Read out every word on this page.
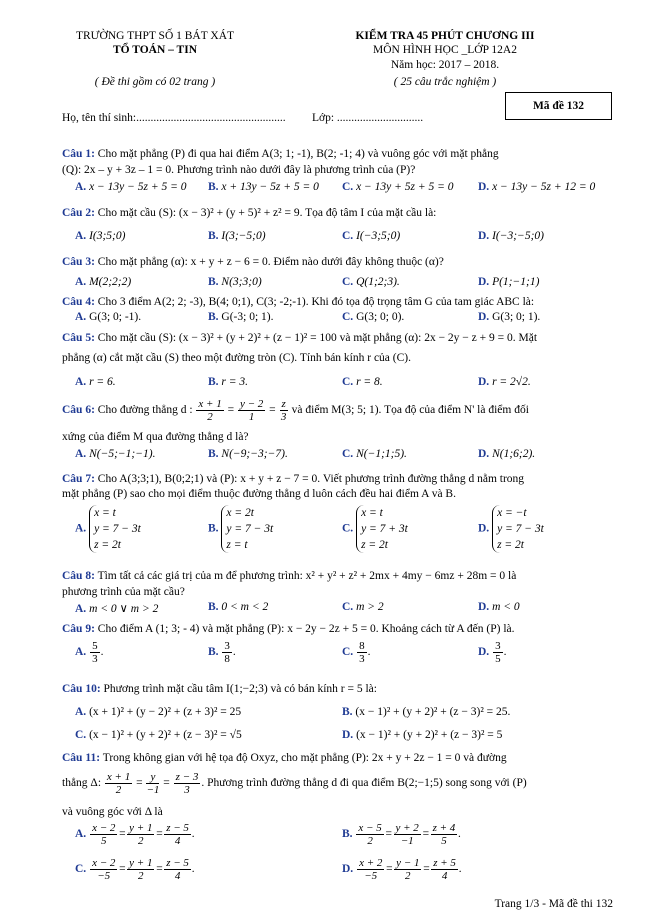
TRƯỜNG THPT SỐ 1 BÁT XÁT
TỔ TOÁN – TIN
( Đề thi gồm có 02 trang )
KIỂM TRA 45 PHÚT CHƯƠNG III
MÔN HÌNH HỌC _LỚP 12A2
Năm học: 2017 – 2018.
( 25 câu trắc nghiệm )
Mã đề 132
Họ, tên thí sinh:.................................................... Lớp: ..............................
Câu 1: Cho mặt phẳng (P) đi qua hai điểm A(3; 1; -1), B(2; -1; 4) và vuông góc với mặt phẳng
(Q): 2x – y + 3z – 1 = 0. Phương trình nào dưới đây là phương trình của (P)?
A. x − 13y − 5z + 5 = 0 B. x + 13y − 5z + 5 = 0 C. x − 13y + 5z + 5 = 0 D. x − 13y − 5z + 12 = 0
Câu 2: Cho mặt cầu (S): (x − 3)² + (y + 5)² + z² = 9. Tọa độ tâm I của mặt cầu là:
A. I(3;5;0)	B. I(3;−5;0)	C. I(−3;5;0)	D. I(−3;−5;0)
Câu 3: Cho mặt phẳng (α): x + y + z − 6 = 0. Điểm nào dưới đây không thuộc (α)?
A. M(2;2;2)	B. N(3;3;0)	C. Q(1;2;3).	D. P(1;−1;1)
Câu 4: Cho 3 điểm A(2; 2; -3), B(4; 0;1), C(3; -2;-1). Khi đó tọa độ trọng tâm G của tam giác ABC là:
A. G(3; 0; -1).	B. G(-3; 0; 1).	C. G(3; 0; 0).	D. G(3; 0; 1).
Câu 5: Cho mặt cầu (S): (x − 3)² + (y + 2)² + (z − 1)² = 100 và mặt phẳng (α): 2x − 2y − z + 9 = 0. Mặt
phẳng (α) cắt mặt cầu (S) theo một đường tròn (C). Tính bán kính r của (C).
A. r = 6.	B. r = 3.	C. r = 8.	D. r = 2√2.
Câu 6: Cho đường thẳng d : $\frac{x + 1}{2} = \frac{y - 2}{1} = \frac{z}{3}$ và điểm M(3; 5; 1). Tọa độ của điểm N' là điểm đối
xứng của điểm M qua đường thẳng d là?
A. N(−5;−1;−1).	B. N(−9;−3;−7).	C. N(−1;1;5).	D. N(1;6;2).
Câu 7: Cho A(3;3;1), B(0;2;1) và (P): x + y + z − 7 = 0. Viết phương trình đường thẳng d nằm trong
mặt phẳng (P) sao cho mọi điểm thuộc đường thẳng d luôn cách đều hai điểm A và B.
A.
x = t
y = 7 − 3t
z = 2t
B.
x = 2t
y = 7 − 3t
z = t
C.
x = t
y = 7 + 3t
z = 2t
D.
x = −t
y = 7 − 3t
z = 2t
Câu 8: Tìm tất cả các giá trị của m để phương trình: x² + y² + z² + 2mx + 4my − 6mz + 28m = 0 là
phương trình của mặt cầu?
A. m < 0 ∨ m > 2	B. 0 < m < 2	C. m > 2	D. m < 0
Câu 9: Cho điểm A (1; 3; - 4) và mặt phẳng (P): x − 2y − 2z + 5 = 0. Khoảng cách từ A đến (P) là.
A. $\frac{5}{3}$ .	B. $\frac{3}{8}$ .	C. $\frac{8}{3}$ .	D. $\frac{3}{5}$ .
Câu 10: Phương trình mặt cầu tâm I(1;−2;3) và có bán kính r = 5 là:
A. (x + 1)² + (y − 2)² + (z + 3)² = 25	B. (x − 1)² + (y + 2)² + (z − 3)² = 25.
C. (x − 1)² + (y + 2)² + (z − 3)² = √5	D. (x − 1)² + (y + 2)² + (z − 3)² = 5
Câu 11: Trong không gian với hệ tọa độ Oxyz, cho mặt phẳng (P): 2x + y + 2z − 1 = 0 và đường
thẳng Δ: $\frac{x + 1}{2} = \frac{y}{-1} = \frac{z - 3}{3}$ . Phương trình đường thẳng d đi qua điểm B(2;−1;5) song song với (P)
và vuông góc với Δ là
A. $\frac{x - 2}{5} = \frac{y + 1}{2} = \frac{z - 5}{4}$ .	B. $\frac{x - 5}{2} = \frac{y + 2}{-1} = \frac{z + 4}{5}$ .
C. $\frac{x - 2}{-5} = \frac{y + 1}{2} = \frac{z - 5}{4}$ .	D. $\frac{x + 2}{-5} = \frac{y - 1}{2} = \frac{z + 5}{4}$ .
Trang 1/3 - Mã đề thi 132
